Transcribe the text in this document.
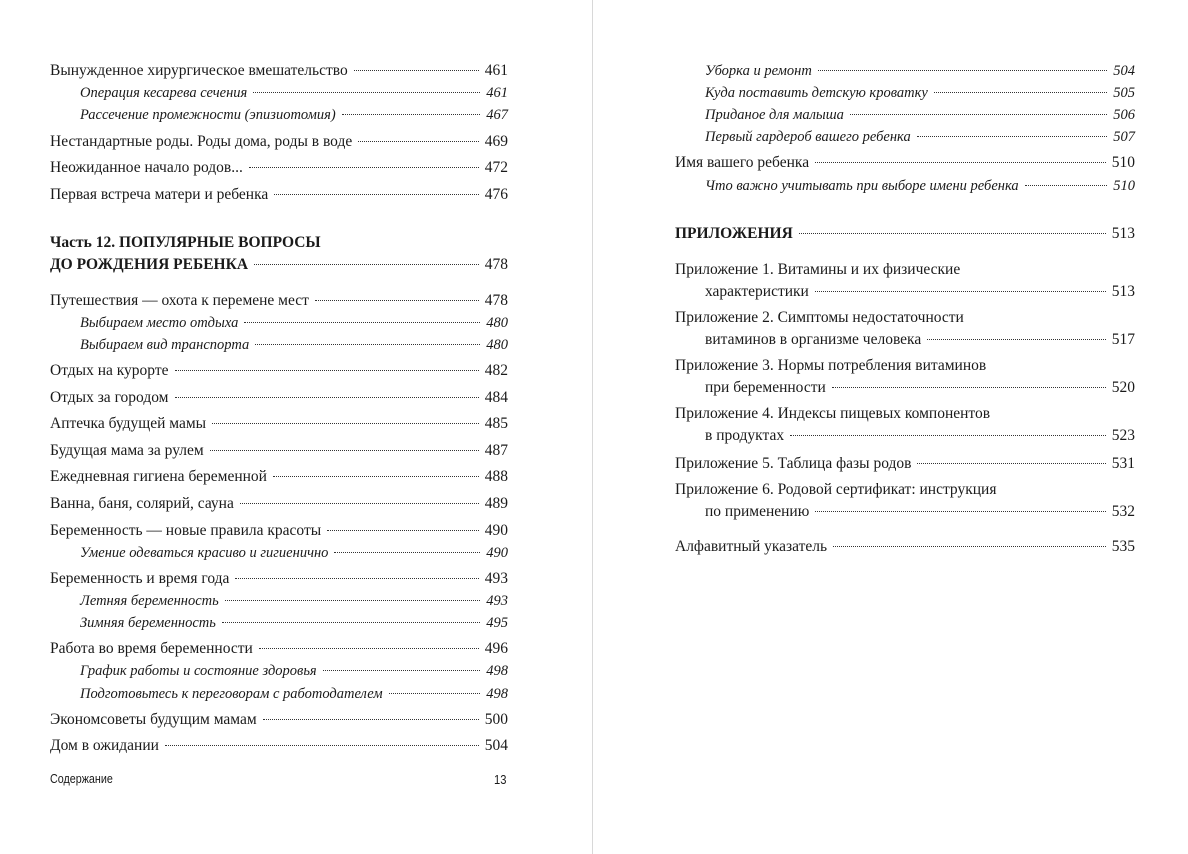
Вынужденное хирургическое вмешательство	461
Операция кесарева сечения	461
Рассечение промежности (эпизиотомия)	467
Нестандартные роды. Роды дома, роды в воде	469
Неожиданное начало родов...	472
Первая встреча матери и ребенка	476
Часть 12. ПОПУЛЯРНЫЕ ВОПРОСЫ
ДО РОЖДЕНИЯ РЕБЕНКА	478
Путешествия — охота к перемене мест	478
Выбираем место отдыха	480
Выбираем вид транспорта	480
Отдых на курорте	482
Отдых за городом	484
Аптечка будущей мамы	485
Будущая мама за рулем	487
Ежедневная гигиена беременной	488
Ванна, баня, солярий, сауна	489
Беременность — новые правила красоты	490
Умение одеваться красиво и гигиенично	490
Беременность и время года	493
Летняя беременность	493
Зимняя беременность	495
Работа во время беременности	496
График работы и состояние здоровья	498
Подготовьтесь к переговорам с работодателем	498
Экономсоветы будущим мамам	500
Дом в ожидании	504
Содержание	13
Уборка и ремонт	504
Куда поставить детскую кроватку	505
Приданое для малыша	506
Первый гардероб вашего ребенка	507
Имя вашего ребенка	510
Что важно учитывать при выборе имени ребенка	510
ПРИЛОЖЕНИЯ	513
Приложение 1. Витамины и их физические
характеристики	513
Приложение 2. Симптомы недостаточности
витаминов в организме человека	517
Приложение 3. Нормы потребления витаминов
при беременности	520
Приложение 4. Индексы пищевых компонентов
в продуктах	523
Приложение 5. Таблица фазы родов	531
Приложение 6. Родовой сертификат: инструкция
по применению	532
Алфавитный указатель	535
